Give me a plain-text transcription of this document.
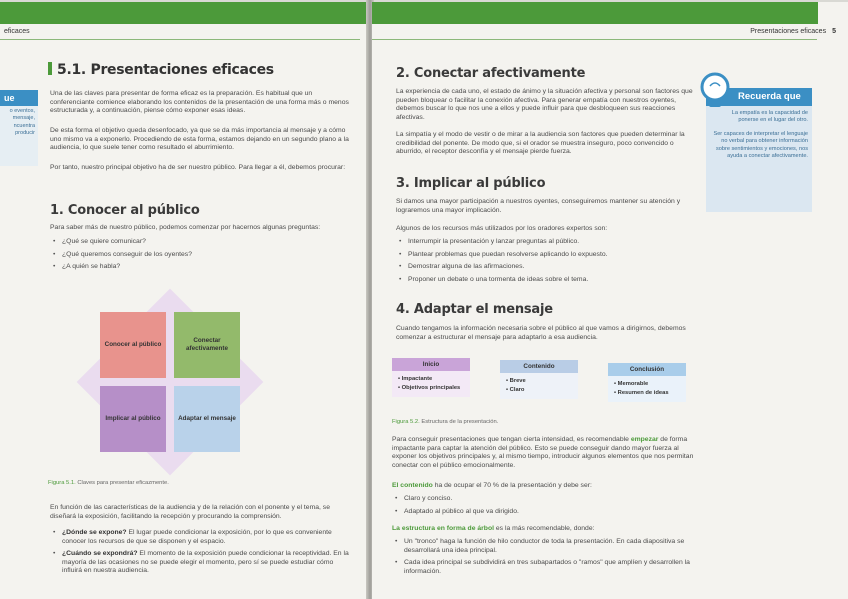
eficaces
ue
o eventos,
mensaje,
ncuentra
producir
5.1. Presentaciones eficaces

Una de las claves para presentar de forma eficaz es la preparación. Es habitual que un conferenciante comience elaborando los contenidos de la presentación de una forma más o menos estructurada y, a continuación, piense cómo exponer esas ideas.

De esta forma el objetivo queda desenfocado, ya que se da más importancia al mensaje y a cómo uno mismo va a exponerlo. Procediendo de esta forma, estamos dejando en un segundo plano a la audiencia, lo que suele tener como resultado el aburrimiento.

Por tanto, nuestro principal objetivo ha de ser nuestro público. Para llegar a él, debemos procurar:

1. Conocer al público

Para saber más de nuestro público, podemos comenzar por hacernos algunas preguntas:

• ¿Qué se quiere comunicar?
• ¿Qué queremos conseguir de los oyentes?
• ¿A quién se habla?
Conocer al público
Conectar afectivamente
Implicar al público	Adaptar el mensaje
Figura 5.1. Claves para presentar eficazmente.

En función de las características de la audiencia y de la relación con el ponente y el tema, se diseñará la exposición, facilitando la recepción y procurando la comprensión.

• ¿Dónde se expone? El lugar puede condicionar la exposición, por lo que es conveniente conocer los recursos de que se disponen y el espacio.
• ¿Cuándo se expondrá? El momento de la exposición puede condicionar la receptividad. En la mayoría de las ocasiones no se puede elegir el momento, pero sí se puede estudiar cómo influirá en nuestra audiencia.
Presentaciones eficaces 5
2. Conectar afectivamente

La experiencia de cada uno, el estado de ánimo y la situación afectiva y personal son factores que pueden bloquear o facilitar la conexión afectiva. Para generar empatía con nuestros oyentes, debemos buscar lo que nos une a ellos y puede influir para que desbloqueen sus reacciones afectivas.

La simpatía y el modo de vestir o de mirar a la audiencia son factores que pueden determinar la credibilidad del ponente. De modo que, si el orador se muestra inseguro, poco convencido o aburrido, el receptor desconfía y el mensaje pierde fuerza.

3. Implicar al público

Si damos una mayor participación a nuestros oyentes, conseguiremos mantener su atención y lograremos una mayor implicación.

Algunos de los recursos más utilizados por los oradores expertos son:

• Interrumpir la presentación y lanzar preguntas al público.
• Plantear problemas que puedan resolverse aplicando lo expuesto.
• Demostrar alguna de las afirmaciones.
• Proponer un debate o una tormenta de ideas sobre el tema.
4. Adaptar el mensaje

Cuando tengamos la información necesaria sobre el público al que vamos a dirigirnos, debemos comenzar a estructurar el mensaje para adaptarlo a esa audiencia.

Inicio
• Impactante
• Objetivos principales
Contenido
• Breve
• Claro
Conclusión
• Memorable
• Resumen de ideas
Figura 5.2. Estructura de la presentación.

Para conseguir presentaciones que tengan cierta intensidad, es recomendable empezar de forma impactante para captar la atención del público. Esto se puede conseguir dando mayor fuerza al exponer los objetivos principales y, al mismo tiempo, introducir algunos elementos que nos permitan conectar con el público emocionalmente.

El contenido ha de ocupar el 70 % de la presentación y debe ser:

• Claro y conciso.
• Adaptado al público al que va dirigido.

La estructura en forma de árbol es la más recomendable, donde:

• Un "tronco" haga la función de hilo conductor de toda la presentación. En cada diapositiva se desarrollará una idea principal.
• Cada idea principal se subdividirá en tres subapartados o "ramos" que amplíen y desarrollen la información.
Recuerda que
La empatía es la capacidad de ponerse en el lugar del otro.
Ser capaces de interpretar el lenguaje no verbal para obtener información sobre sentimientos y emociones, nos ayuda a conectar afectivamente.
